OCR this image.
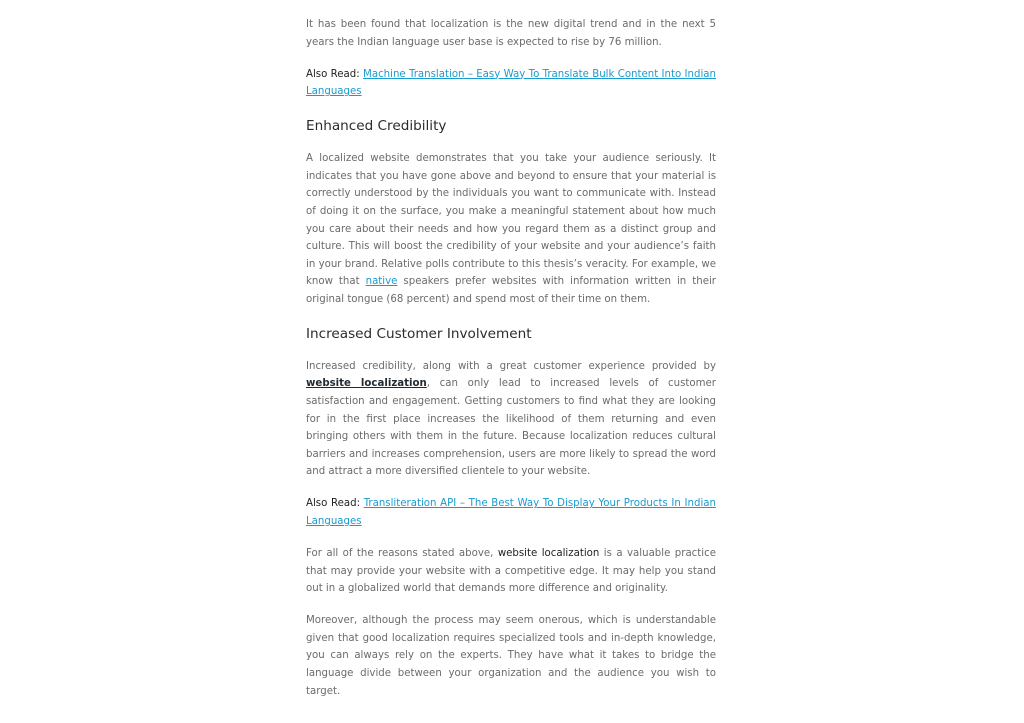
It has been found that localization is the new digital trend and in the next 5 years the Indian language user base is expected to rise by 76 million.

Also Read: Machine Translation – Easy Way To Translate Bulk Content Into Indian Languages

Enhanced Credibility

A localized website demonstrates that you take your audience seriously. It indicates that you have gone above and beyond to ensure that your material is correctly understood by the individuals you want to communicate with. Instead of doing it on the surface, you make a meaningful statement about how much you care about their needs and how you regard them as a distinct group and culture. This will boost the credibility of your website and your audience’s faith in your brand. Relative polls contribute to this thesis’s veracity. For example, we know that native speakers prefer websites with information written in their original tongue (68 percent) and spend most of their time on them.

Increased Customer Involvement

Increased credibility, along with a great customer experience provided by website localization, can only lead to increased levels of customer satisfaction and engagement. Getting customers to find what they are looking for in the first place increases the likelihood of them returning and even bringing others with them in the future. Because localization reduces cultural barriers and increases comprehension, users are more likely to spread the word and attract a more diversified clientele to your website.

Also Read: Transliteration API – The Best Way To Display Your Products In Indian Languages

For all of the reasons stated above, website localization is a valuable practice that may provide your website with a competitive edge. It may help you stand out in a globalized world that demands more difference and originality.

Moreover, although the process may seem onerous, which is understandable given that good localization requires specialized tools and in-depth knowledge, you can always rely on the experts. They have what it takes to bridge the language divide between your organization and the audience you wish to target.
